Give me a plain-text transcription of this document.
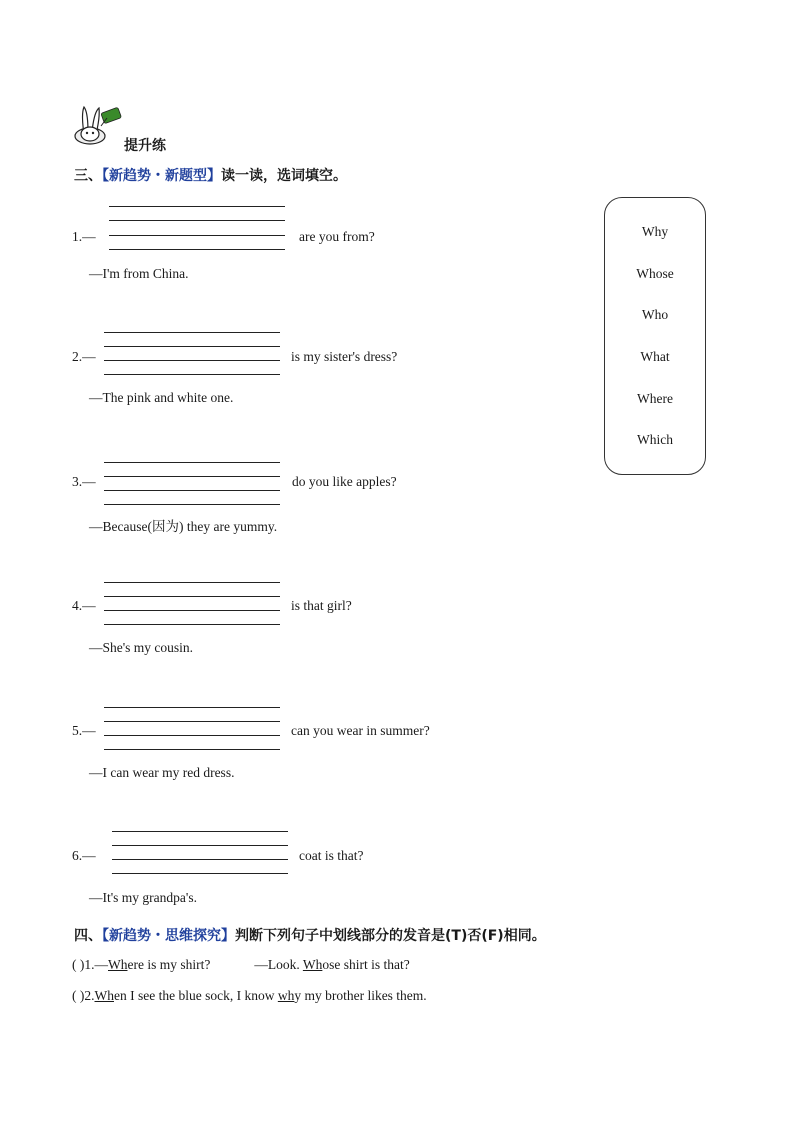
提升练
三、【新趋势・新题型】读一读，选词填空。
Why
Whose
Who
What
Where
Which
1.—	are you from?
—I'm from China.
2.—	is my sister's dress?
—The pink and white one.
3.—	do you like apples?
—Because(因为) they are yummy.
4.—	is that girl?
—She's my cousin.
5.—	can you wear in summer?
—I can wear my red dress.
6.—	coat is that?
—It's my grandpa's.
四、【新趋势・思维探究】判断下列句子中划线部分的发音是(T)否(F)相同。
( )1.—Where is my shirt?	—Look. Whose shirt is that?
( )2.When I see the blue sock, I know why my brother likes them.
